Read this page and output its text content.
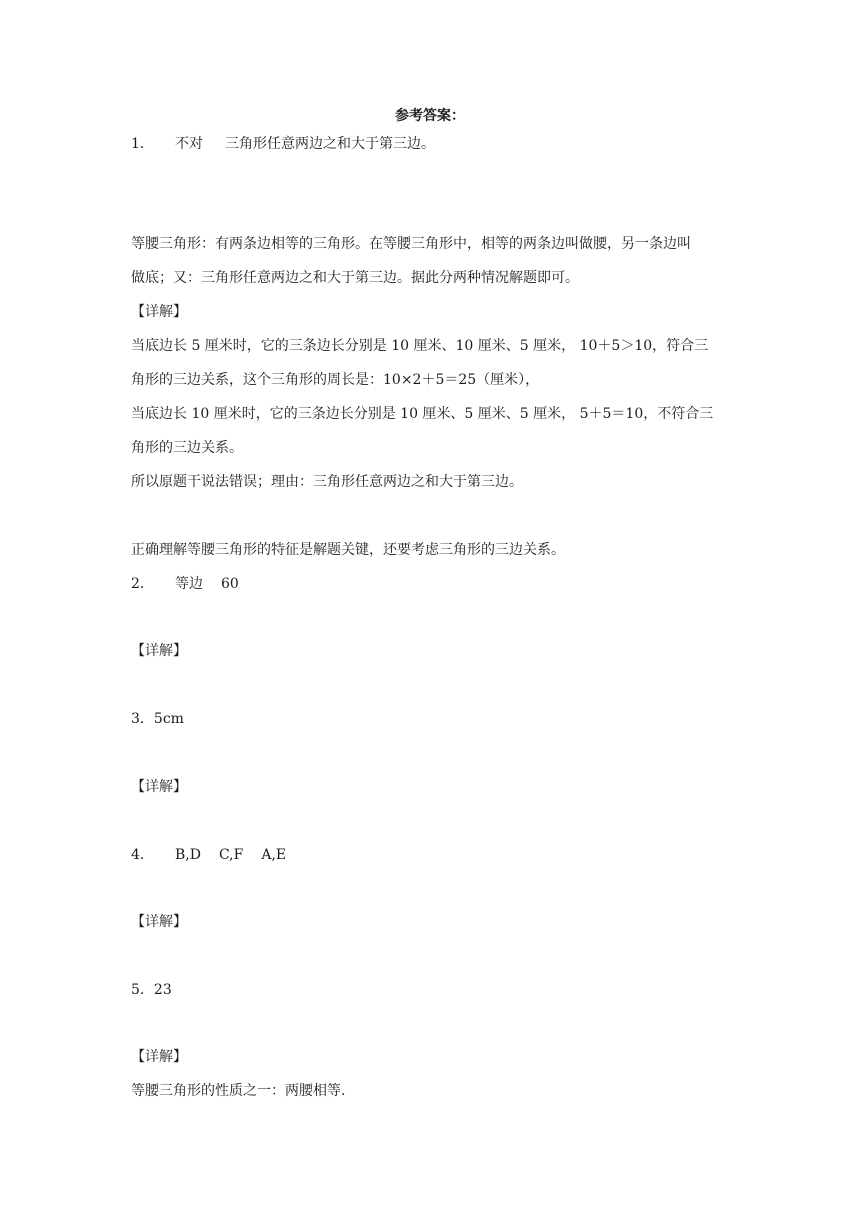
参考答案：
1． 不对 三角形任意两边之和大于第三边。
等腰三角形：有两条边相等的三角形。在等腰三角形中，相等的两条边叫做腰，另一条边叫
做底；又：三角形任意两边之和大于第三边。据此分两种情况解题即可。
【详解】
当底边长 5 厘米时，它的三条边长分别是 10 厘米、10 厘米、5 厘米， 10＋5＞10，符合三
角形的三边关系，这个三角形的周长是：10×2＋5＝25（厘米），
当底边长 10 厘米时，它的三条边长分别是 10 厘米、5 厘米、5 厘米， 5＋5＝10，不符合三
角形的三边关系。
所以原题干说法错误；理由：三角形任意两边之和大于第三边。
正确理解等腰三角形的特征是解题关键，还要考虑三角形的三边关系。
2． 等边 60
【详解】
3．5cm
【详解】
4． B,D C,F A,E
【详解】
5．23
【详解】
等腰三角形的性质之一：两腰相等.
